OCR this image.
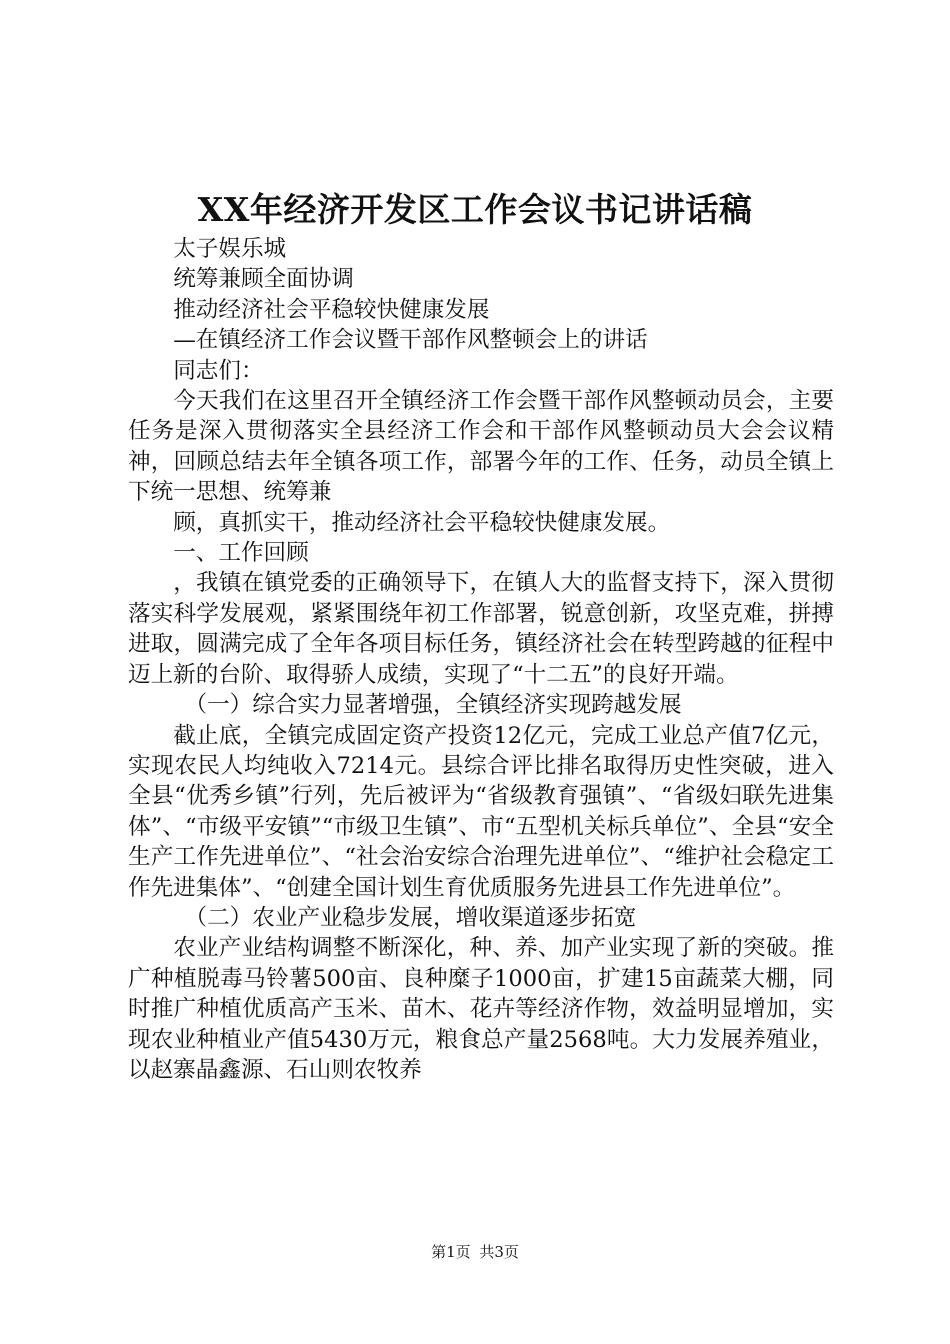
XX年经济开发区工作会议书记讲话稿

太子娱乐城

统筹兼顾全面协调

推动经济社会平稳较快健康发展

—在镇经济工作会议暨干部作风整顿会上的讲话

同志们：

今天我们在这里召开全镇经济工作会暨干部作风整顿动员会，主要任务是深入贯彻落实全县经济工作会和干部作风整顿动员大会会议精神，回顾总结去年全镇各项工作，部署今年的工作、任务，动员全镇上下统一思想、统筹兼

顾，真抓实干，推动经济社会平稳较快健康发展。

一、工作回顾

，我镇在镇党委的正确领导下，在镇人大的监督支持下，深入贯彻落实科学发展观，紧紧围绕年初工作部署，锐意创新，攻坚克难，拼搏进取，圆满完成了全年各项目标任务，镇经济社会在转型跨越的征程中迈上新的台阶、取得骄人成绩，实现了“十二五”的良好开端。

（一）综合实力显著增强，全镇经济实现跨越发展

截止底，全镇完成固定资产投资12亿元，完成工业总产值7亿元，实现农民人均纯收入7214元。县综合评比排名取得历史性突破，进入全县“优秀乡镇”行列，先后被评为“省级教育强镇”、“省级妇联先进集体”、“市级平安镇”“市级卫生镇”、市“五型机关标兵单位”、全县“安全生产工作先进单位”、“社会治安综合治理先进单位”、“维护社会稳定工作先进集体”、“创建全国计划生育优质服务先进县工作先进单位”。

（二）农业产业稳步发展，增收渠道逐步拓宽

农业产业结构调整不断深化，种、养、加产业实现了新的突破。推广种植脱毒马铃薯500亩、良种糜子1000亩，扩建15亩蔬菜大棚，同时推广种植优质高产玉米、苗木、花卉等经济作物，效益明显增加，实现农业种植业产值5430万元，粮食总产量2568吨。大力发展养殖业，以赵寨晶鑫源、石山则农牧养

第1页 共3页
